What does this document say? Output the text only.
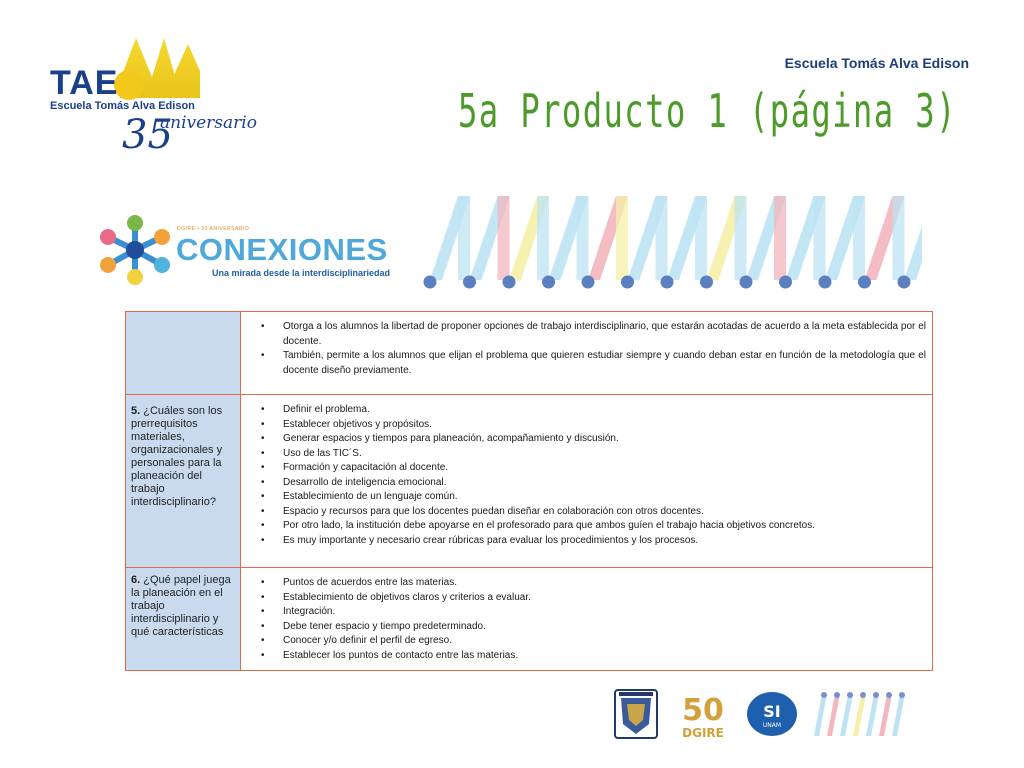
TAE
Escuela Tomás Alva Edison
35
aniversario
Escuela Tomás Alva Edison
5a Producto 1 (página 3)
DGIRE • 50 ANIVERSARIO
CONEXIONES
Una mirada desde la interdisciplinariedad
• Otorga a los alumnos la libertad de proponer opciones de trabajo interdisciplinario, que estarán acotadas de acuerdo a la meta establecida por el docente.
• También, permite a los alumnos que elijan el problema que quieren estudiar siempre y cuando deban estar en función de la metodología que el docente diseño previamente.
5. ¿Cuáles son los prerrequisitos materiales, organizacionales y personales para la planeación del trabajo interdisciplinario?
• Definir el problema.
• Establecer objetivos y propósitos.
• Generar espacios y tiempos para planeación, acompañamiento y discusión.
• Uso de las TIC´S.
• Formación y capacitación al docente.
• Desarrollo de inteligencia emocional.
• Establecimiento de un lenguaje común.
• Espacio y recursos para que los docentes puedan diseñar en colaboración con otros docentes.
• Por otro lado, la institución debe apoyarse en el profesorado para que ambos guíen el trabajo hacia objetivos concretos.
• Es muy importante y necesario crear rúbricas para evaluar los procedimientos y los procesos.
6. ¿Qué papel juega la planeación en el trabajo interdisciplinario y qué características
• Puntos de acuerdos entre las materias.
• Establecimiento de objetivos claros y criterios a evaluar.
• Integración.
• Debe tener espacio y tiempo predeterminado.
• Conocer y/o definir el perfil de egreso.
• Establecer los puntos de contacto entre las materias.
50
DGIRE
SI
UNAM
